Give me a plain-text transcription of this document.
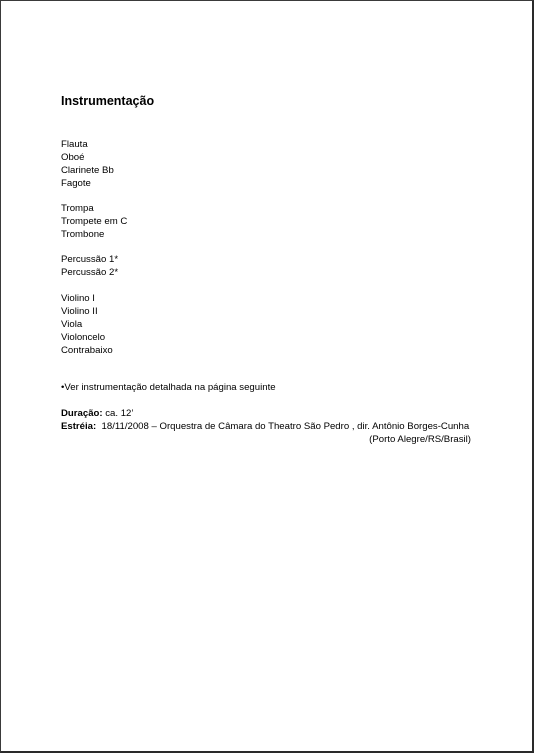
Instrumentação
Flauta
Oboé
Clarinete Bb
Fagote
Trompa
Trompete em C
Trombone
Percussão 1*
Percussão 2*
Violino I
Violino II
Viola
Violoncelo
Contrabaixo
•Ver instrumentação detalhada na página seguinte
Duração: ca. 12’
Estréia:  18/11/2008 – Orquestra de Câmara do Theatro São Pedro , dir. Antônio Borges-Cunha
(Porto Alegre/RS/Brasil)
